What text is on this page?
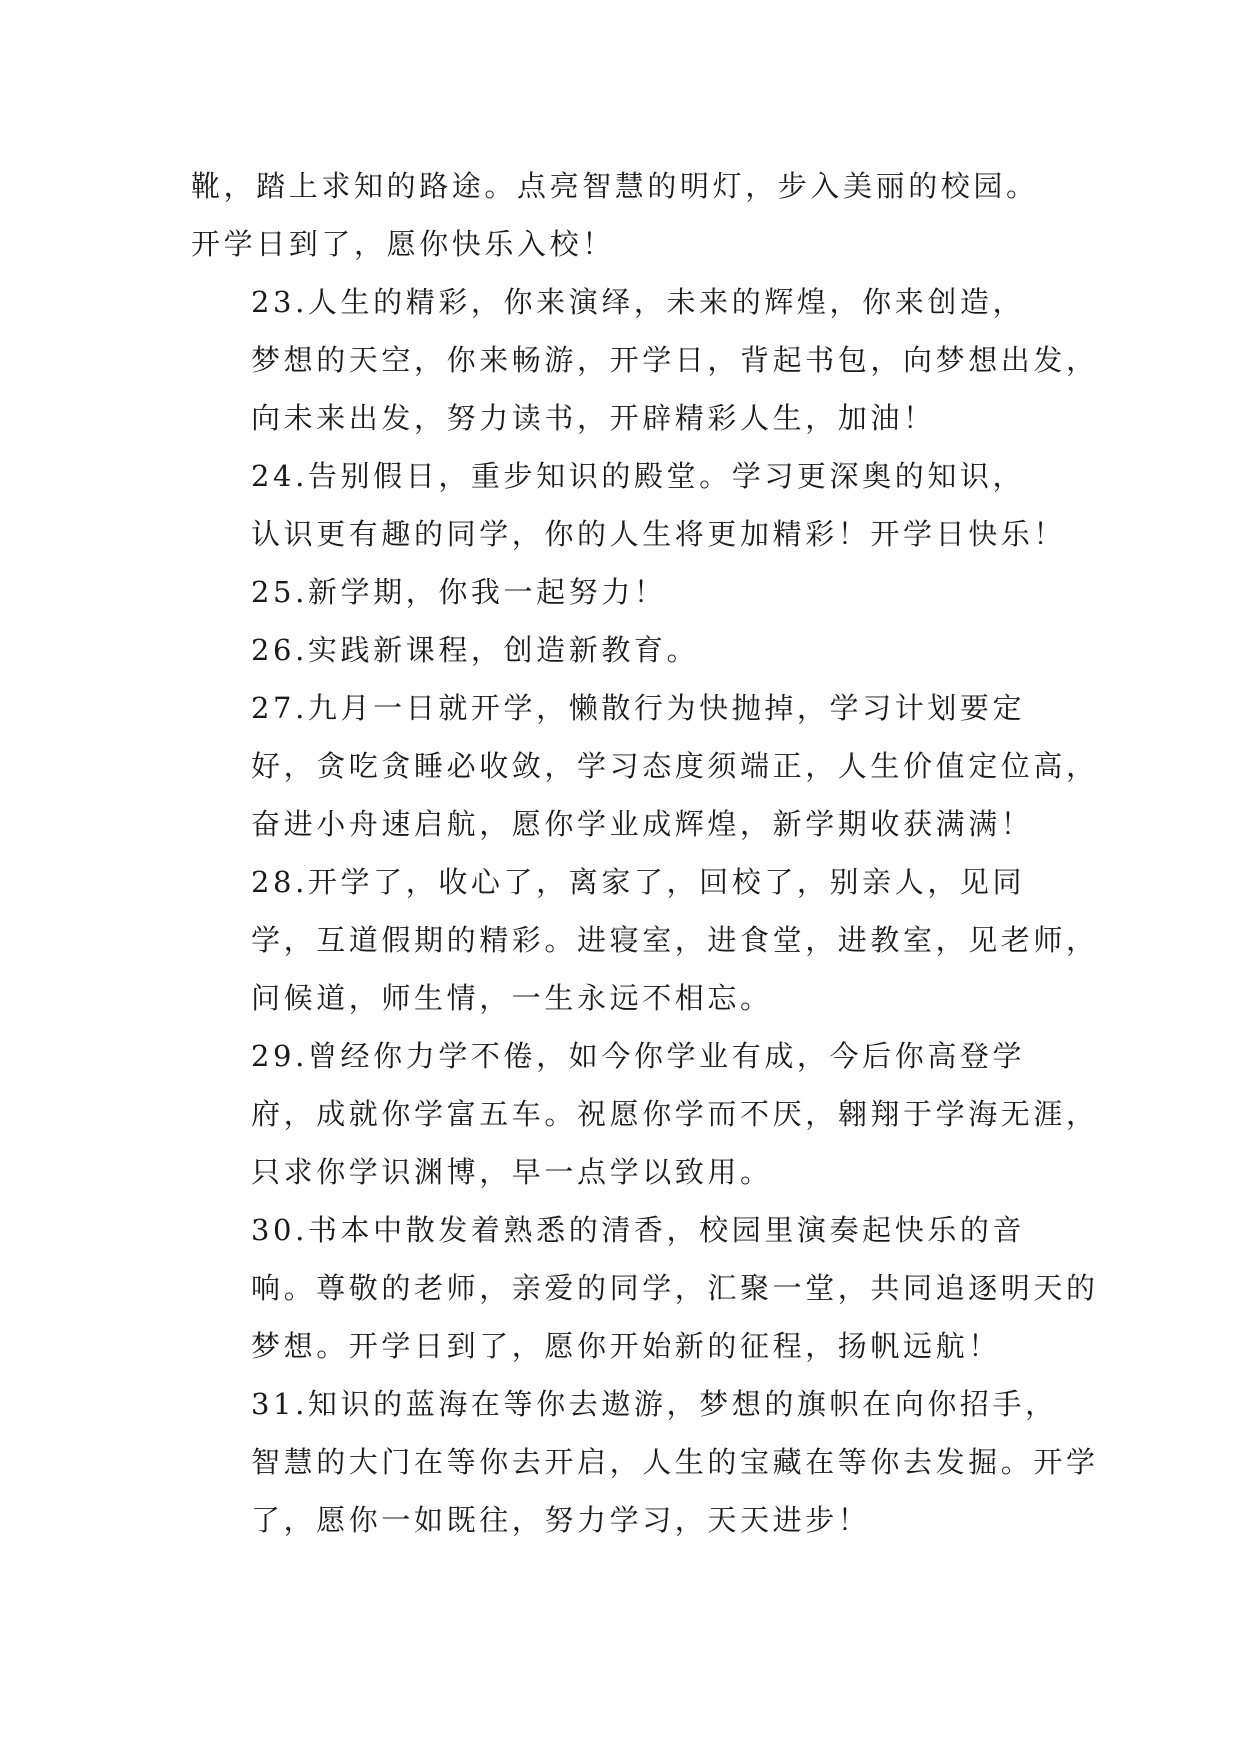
靴，踏上求知的路途。点亮智慧的明灯，步入美丽的校园。
开学日到了，愿你快乐入校！

23.人生的精彩，你来演绎，未来的辉煌，你来创造，
梦想的天空，你来畅游，开学日，背起书包，向梦想出发，
向未来出发，努力读书，开辟精彩人生，加油！

24.告别假日，重步知识的殿堂。学习更深奥的知识，
认识更有趣的同学，你的人生将更加精彩！开学日快乐！

25.新学期，你我一起努力！

26.实践新课程，创造新教育。

27.九月一日就开学，懒散行为快抛掉，学习计划要定
好，贪吃贪睡必收敛，学习态度须端正，人生价值定位高，
奋进小舟速启航，愿你学业成辉煌，新学期收获满满！

28.开学了，收心了，离家了，回校了，别亲人，见同
学，互道假期的精彩。进寝室，进食堂，进教室，见老师，
问候道，师生情，一生永远不相忘。

29.曾经你力学不倦，如今你学业有成，今后你高登学
府，成就你学富五车。祝愿你学而不厌，翱翔于学海无涯，
只求你学识渊博，早一点学以致用。

30.书本中散发着熟悉的清香，校园里演奏起快乐的音
响。尊敬的老师，亲爱的同学，汇聚一堂，共同追逐明天的
梦想。开学日到了，愿你开始新的征程，扬帆远航！

31.知识的蓝海在等你去遨游，梦想的旗帜在向你招手，
智慧的大门在等你去开启，人生的宝藏在等你去发掘。开学
了，愿你一如既往，努力学习，天天进步！
